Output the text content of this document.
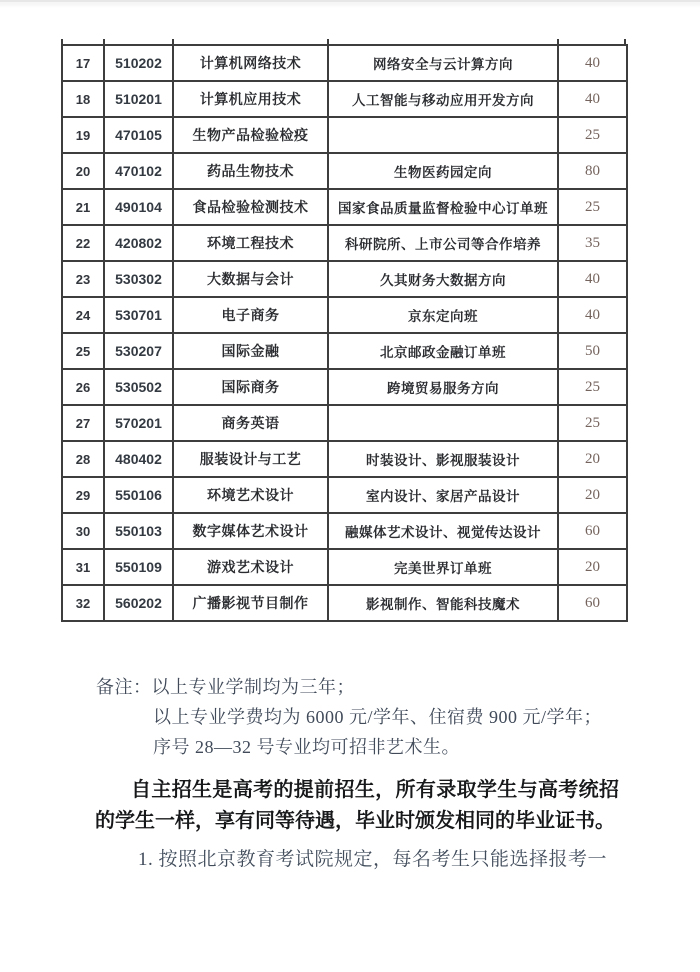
17	510202	计算机网络技术	网络安全与云计算方向	40
18	510201	计算机应用技术	人工智能与移动应用开发方向	40
19	470105	生物产品检验检疫		25
20	470102	药品生物技术	生物医药园定向	80
21	490104	食品检验检测技术	国家食品质量监督检验中心订单班	25
22	420802	环境工程技术	科研院所、上市公司等合作培养	35
23	530302	大数据与会计	久其财务大数据方向	40
24	530701	电子商务	京东定向班	40
25	530207	国际金融	北京邮政金融订单班	50
26	530502	国际商务	跨境贸易服务方向	25
27	570201	商务英语		25
28	480402	服装设计与工艺	时装设计、影视服装设计	20
29	550106	环境艺术设计	室内设计、家居产品设计	20
30	550103	数字媒体艺术设计	融媒体艺术设计、视觉传达设计	60
31	550109	游戏艺术设计	完美世界订单班	20
32	560202	广播影视节目制作	影视制作、智能科技魔术	60
备注：以上专业学制均为三年；
以上专业学费均为 6000 元/学年、住宿费 900 元/学年；
序号 28—32 号专业均可招非艺术生。

自主招生是高考的提前招生，所有录取学生与高考统招的学生一样，享有同等待遇，毕业时颁发相同的毕业证书。

1. 按照北京教育考试院规定，每名考生只能选择报考一
